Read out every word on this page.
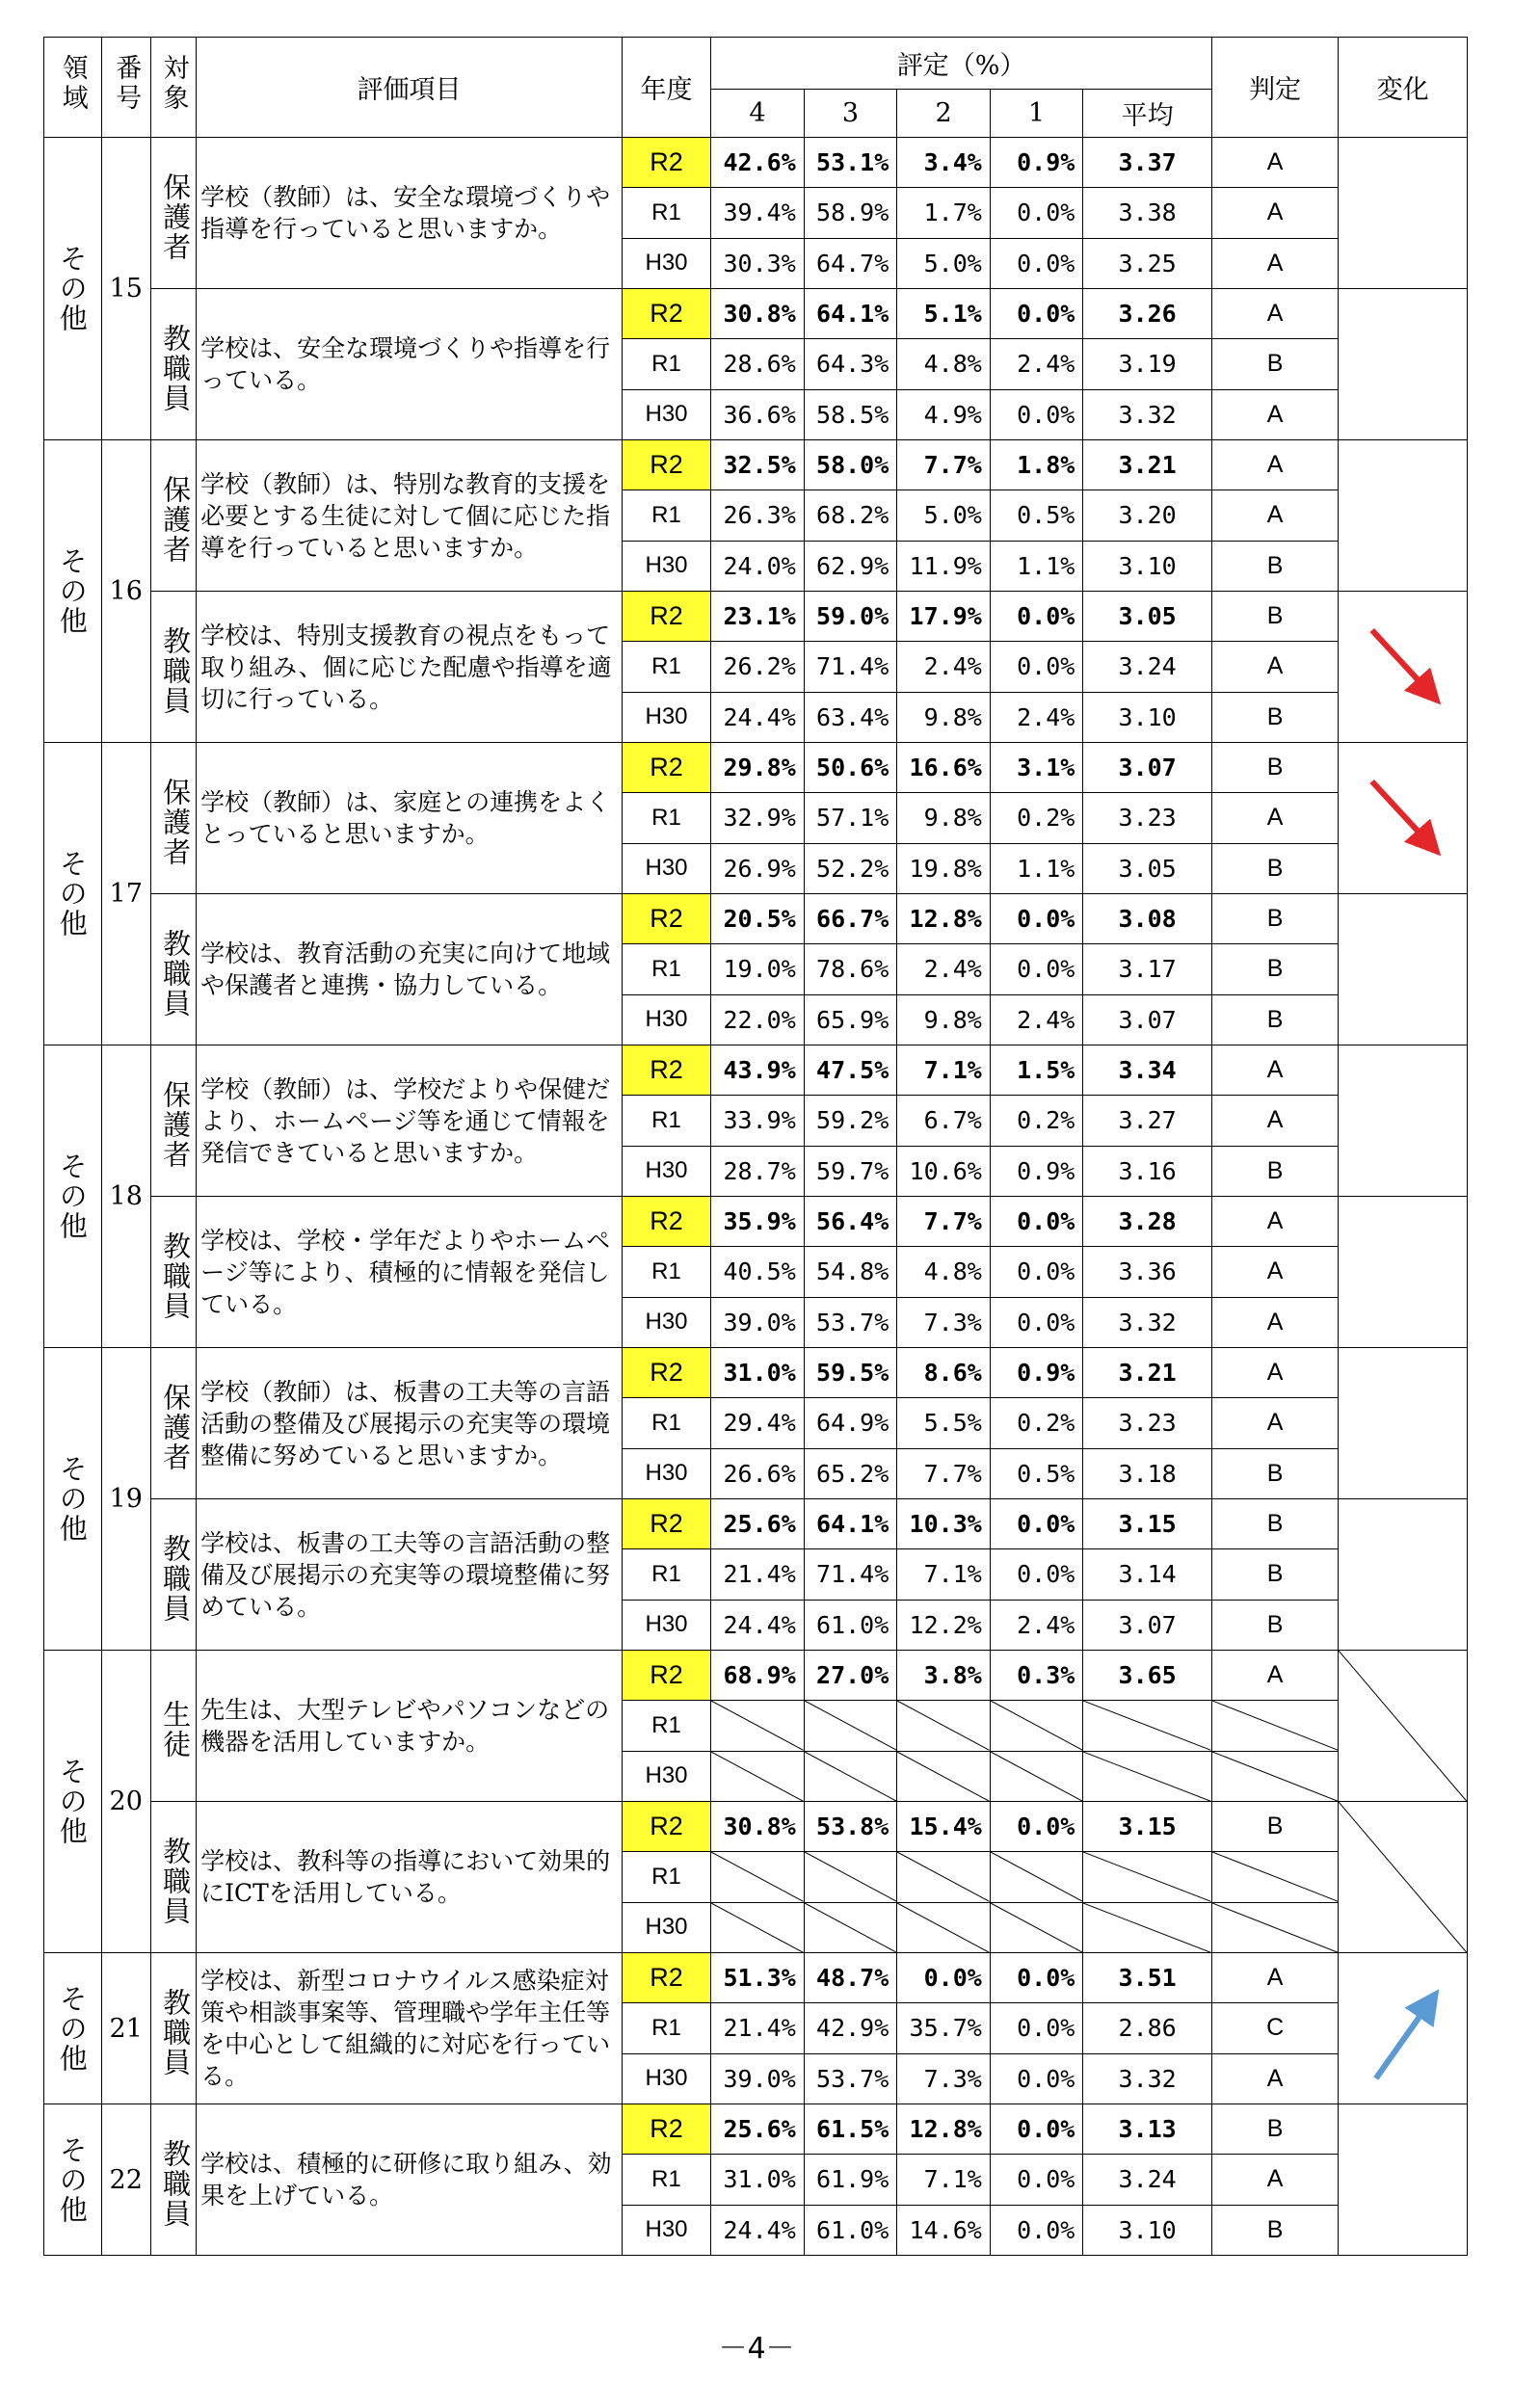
領域	番号	対象	評価項目	年度	評定（%）					判定	変化
					4	3	2	1	平均		
その他	15	保護者	学校（教師）は、安全な環境づくりや指導を行っていると思いますか。	R2	42.6%	53.1%	3.4%	0.9%	3.37	A	

				R1	39.4%	58.9%	1.7%	0.0%	3.38	A	
				H30	30.3%	64.7%	5.0%	0.0%	3.25	A	
		教職員	学校は、安全な環境づくりや指導を行っている。	R2	30.8%	64.1%	5.1%	0.0%	3.26	A	

				R1	28.6%	64.3%	4.8%	2.4%	3.19	B	
				H30	36.6%	58.5%	4.9%	0.0%	3.32	A	
その他	16	保護者	学校（教師）は、特別な教育的支援を必要とする生徒に対して個に応じた指導を行っていると思いますか。	R2	32.5%	58.0%	7.7%	1.8%	3.21	A	

				R1	26.3%	68.2%	5.0%	0.5%	3.20	A	
				H30	24.0%	62.9%	11.9%	1.1%	3.10	B	
		教職員	学校は、特別支援教育の視点をもって取り組み、個に応じた配慮や指導を適切に行っている。	R2	23.1%	59.0%	17.9%	0.0%	3.05	B	

				R1	26.2%	71.4%	2.4%	0.0%	3.24	A	
				H30	24.4%	63.4%	9.8%	2.4%	3.10	B	
その他	17	保護者	学校（教師）は、家庭との連携をよくとっていると思いますか。	R2	29.8%	50.6%	16.6%	3.1%	3.07	B	

				R1	32.9%	57.1%	9.8%	0.2%	3.23	A	
				H30	26.9%	52.2%	19.8%	1.1%	3.05	B	
		教職員	学校は、教育活動の充実に向けて地域や保護者と連携・協力している。	R2	20.5%	66.7%	12.8%	0.0%	3.08	B	

				R1	19.0%	78.6%	2.4%	0.0%	3.17	B	
				H30	22.0%	65.9%	9.8%	2.4%	3.07	B	
その他	18	保護者	学校（教師）は、学校だよりや保健だより、ホームページ等を通じて情報を発信できていると思いますか。	R2	43.9%	47.5%	7.1%	1.5%	3.34	A	

				R1	33.9%	59.2%	6.7%	0.2%	3.27	A	
				H30	28.7%	59.7%	10.6%	0.9%	3.16	B	
		教職員	学校は、学校・学年だよりやホームページ等により、積極的に情報を発信している。	R2	35.9%	56.4%	7.7%	0.0%	3.28	A	

				R1	40.5%	54.8%	4.8%	0.0%	3.36	A	
				H30	39.0%	53.7%	7.3%	0.0%	3.32	A	
その他	19	保護者	学校（教師）は、板書の工夫等の言語活動の整備及び展掲示の充実等の環境整備に努めていると思いますか。	R2	31.0%	59.5%	8.6%	0.9%	3.21	A	

				R1	29.4%	64.9%	5.5%	0.2%	3.23	A	
				H30	26.6%	65.2%	7.7%	0.5%	3.18	B	
		教職員	学校は、板書の工夫等の言語活動の整備及び展掲示の充実等の環境整備に努めている。	R2	25.6%	64.1%	10.3%	0.0%	3.15	B	

				R1	21.4%	71.4%	7.1%	0.0%	3.14	B	
				H30	24.4%	61.0%	12.2%	2.4%	3.07	B	
その他	20	生徒	先生は、大型テレビやパソコンなどの機器を活用していますか。	R2	68.9%	27.0%	3.8%	0.3%	3.65	A	

				R1	

				H30	

		教職員	学校は、教科等の指導において効果的にICTを活用している。	R2	30.8%	53.8%	15.4%	0.0%	3.15	B	

				R1	

				H30	

その他	21	教職員	学校は、新型コロナウイルス感染症対策や相談事案等、管理職や学年主任等を中心として組織的に対応を行っている。	R2	51.3%	48.7%	0.0%	0.0%	3.51	A	

				R1	21.4%	42.9%	35.7%	0.0%	2.86	C	
				H30	39.0%	53.7%	7.3%	0.0%	3.32	A	
その他	22	教職員	学校は、積極的に研修に取り組み、効果を上げている。	R2	25.6%	61.5%	12.8%	0.0%	3.13	B	

				R1	31.0%	61.9%	7.1%	0.0%	3.24	A	
				H30	24.4%	61.0%	14.6%	0.0%	3.10	B	
－4－
